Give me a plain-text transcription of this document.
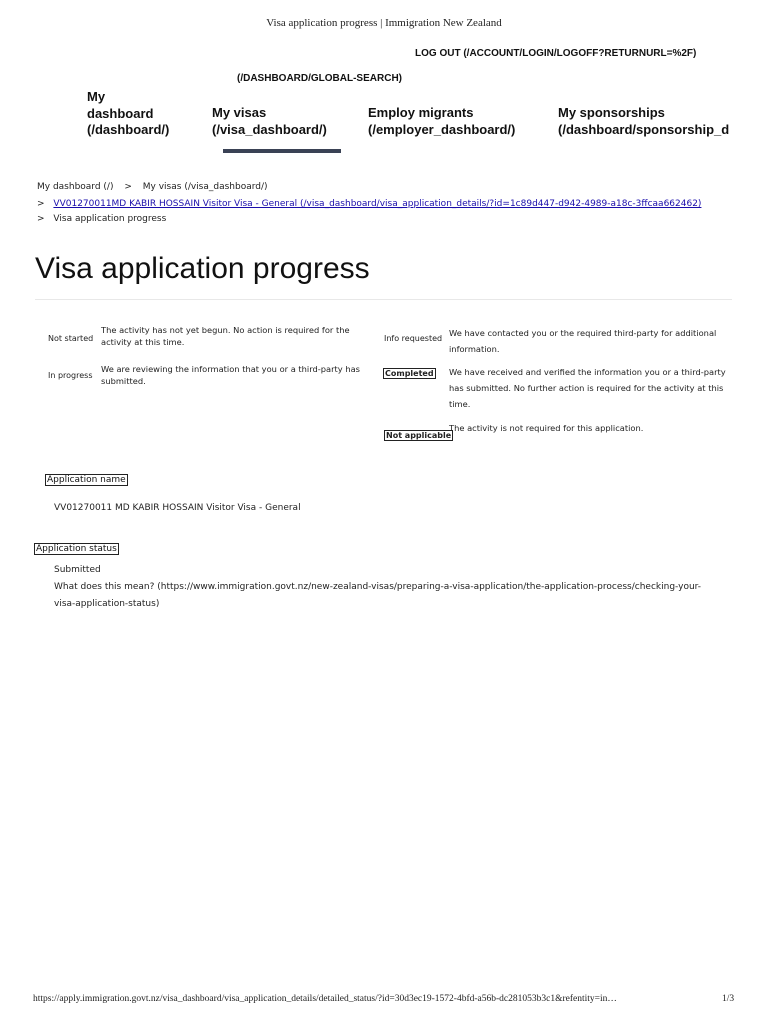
Visa application progress | Immigration New Zealand
LOG OUT (/ACCOUNT/LOGIN/LOGOFF?RETURNURL=%2F)
(/DASHBOARD/GLOBAL-SEARCH)
My
dashboard
(/dashboard/)
My visas
(/visa_dashboard/)
Employ migrants
(/employer_dashboard/)
My sponsorships
(/dashboard/sponsorship_d
My dashboard (/) > My visas (/visa_dashboard/)
> VV01270011MD KABIR HOSSAIN Visitor Visa - General (/visa_dashboard/visa_application_details/?id=1c89d447-d942-4989-a18c-3ffcaa662462)
> Visa application progress
Visa application progress
Not started
The activity has not yet begun. No action is required for the
activity at this time.
In progress
We are reviewing the information that you or a third-party has
submitted.
Info requested
We have contacted you or the required third-party for additional
information.
Completed We have received and verified the information you or a third-party
has submitted. No further action is required for the activity at this
time.
Not applicable
The activity is not required for this application.
Application name
VV01270011 MD KABIR HOSSAIN Visitor Visa - General
Application status
Submitted
What does this mean? (https://www.immigration.govt.nz/new-zealand-visas/preparing-a-visa-application/the-application-process/checking-your-
visa-application-status)
https://apply.immigration.govt.nz/visa_dashboard/visa_application_details/detailed_status/?id=30d3ec19-1572-4bfd-a56b-dc281053b3c1&refentity=in…	1/3
